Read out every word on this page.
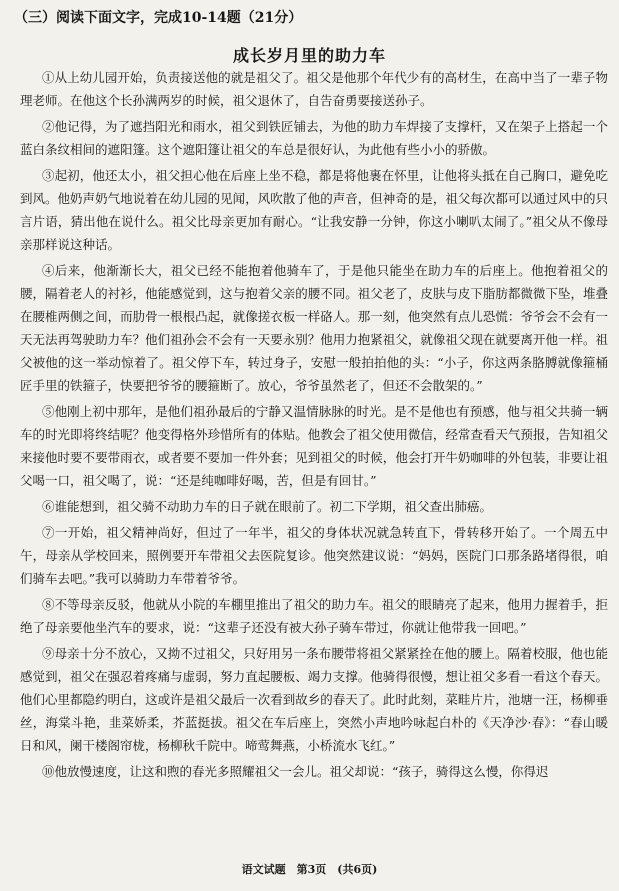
（三）阅读下面文字，完成10-14题（21分）
成长岁月里的助力车

①从上幼儿园开始，负责接送他的就是祖父了。祖父是他那个年代少有的高材生，在高中当了一辈子物理老师。在他这个长孙满两岁的时候，祖父退休了，自告奋勇要接送孙子。

②他记得，为了遮挡阳光和雨水，祖父到铁匠铺去，为他的助力车焊接了支撑杆，又在架子上搭起一个蓝白条纹相间的遮阳篷。这个遮阳篷让祖父的车总是很好认，为此他有些小小的骄傲。

③起初，他还太小，祖父担心他在后座上坐不稳，都是将他裹在怀里，让他将头抵在自己胸口，避免吃到风。他奶声奶气地说着在幼儿园的见闻，风吹散了他的声音，但神奇的是，祖父每次都可以通过风中的只言片语，猜出他在说什么。祖父比母亲更加有耐心。“让我安静一分钟，你这小喇叭太闹了。”祖父从不像母亲那样说这种话。

④后来，他渐渐长大，祖父已经不能抱着他骑车了，于是他只能坐在助力车的后座上。他抱着祖父的腰，隔着老人的衬衫，他能感觉到，这与抱着父亲的腰不同。祖父老了，皮肤与皮下脂肪都微微下坠，堆叠在腰椎两侧之间，而肋骨一根根凸起，就像搓衣板一样硌人。那一刻，他突然有点儿恐慌：爷爷会不会有一天无法再驾驶助力车？他们祖孙会不会有一天要永别？他用力抱紧祖父，就像祖父现在就要离开他一样。祖父被他的这一举动惊着了。祖父停下车，转过身子，安慰一般拍拍他的头：“小子，你这两条胳膊就像箍桶匠手里的铁箍子，快要把爷爷的腰箍断了。放心，爷爷虽然老了，但还不会散架的。”

⑤他刚上初中那年，是他们祖孙最后的宁静又温情脉脉的时光。是不是他也有预感，他与祖父共骑一辆车的时光即将终结呢？他变得格外珍惜所有的体贴。他教会了祖父使用微信，经常查看天气预报，告知祖父来接他时要不要带雨衣，或者要不要加一件外套；见到祖父的时候，他会打开牛奶咖啡的外包装，非要让祖父喝一口，祖父喝了，说：“还是纯咖啡好喝，苦，但是有回甘。”

⑥谁能想到，祖父骑不动助力车的日子就在眼前了。初二下学期，祖父查出肺癌。

⑦一开始，祖父精神尚好，但过了一年半，祖父的身体状况就急转直下，骨转移开始了。一个周五中午，母亲从学校回来，照例要开车带祖父去医院复诊。他突然建议说：“妈妈，医院门口那条路堵得很，咱们骑车去吧。”我可以骑助力车带着爷爷。

⑧不等母亲反驳，他就从小院的车棚里推出了祖父的助力车。祖父的眼睛亮了起来，他用力握着手，拒绝了母亲要他坐汽车的要求，说：“这辈子还没有被大孙子骑车带过，你就让他带我一回吧。”

⑨母亲十分不放心，又拗不过祖父，只好用另一条布腰带将祖父紧紧拴在他的腰上。隔着校服，他也能感觉到，祖父在强忍着疼痛与虚弱，努力直起腰板、竭力支撑。他骑得很慢，想让祖父多看一看这个春天。他们心里都隐约明白，这或许是祖父最后一次看到故乡的春天了。此时此刻，菜畦片片，池塘一汪，杨柳垂丝，海棠斗艳，韭菜娇柔，芥蓝挺拔。祖父在车后座上，突然小声地吟咏起白朴的《天净沙·春》：“春山暖日和风，阑干楼阁帘栊，杨柳秋千院中。啼莺舞燕，小桥流水飞红。”

⑩他放慢速度，让这和煦的春光多照耀祖父一会儿。祖父却说：“孩子，骑得这么慢，你得迟

语文试题　第3页　(共6页)
